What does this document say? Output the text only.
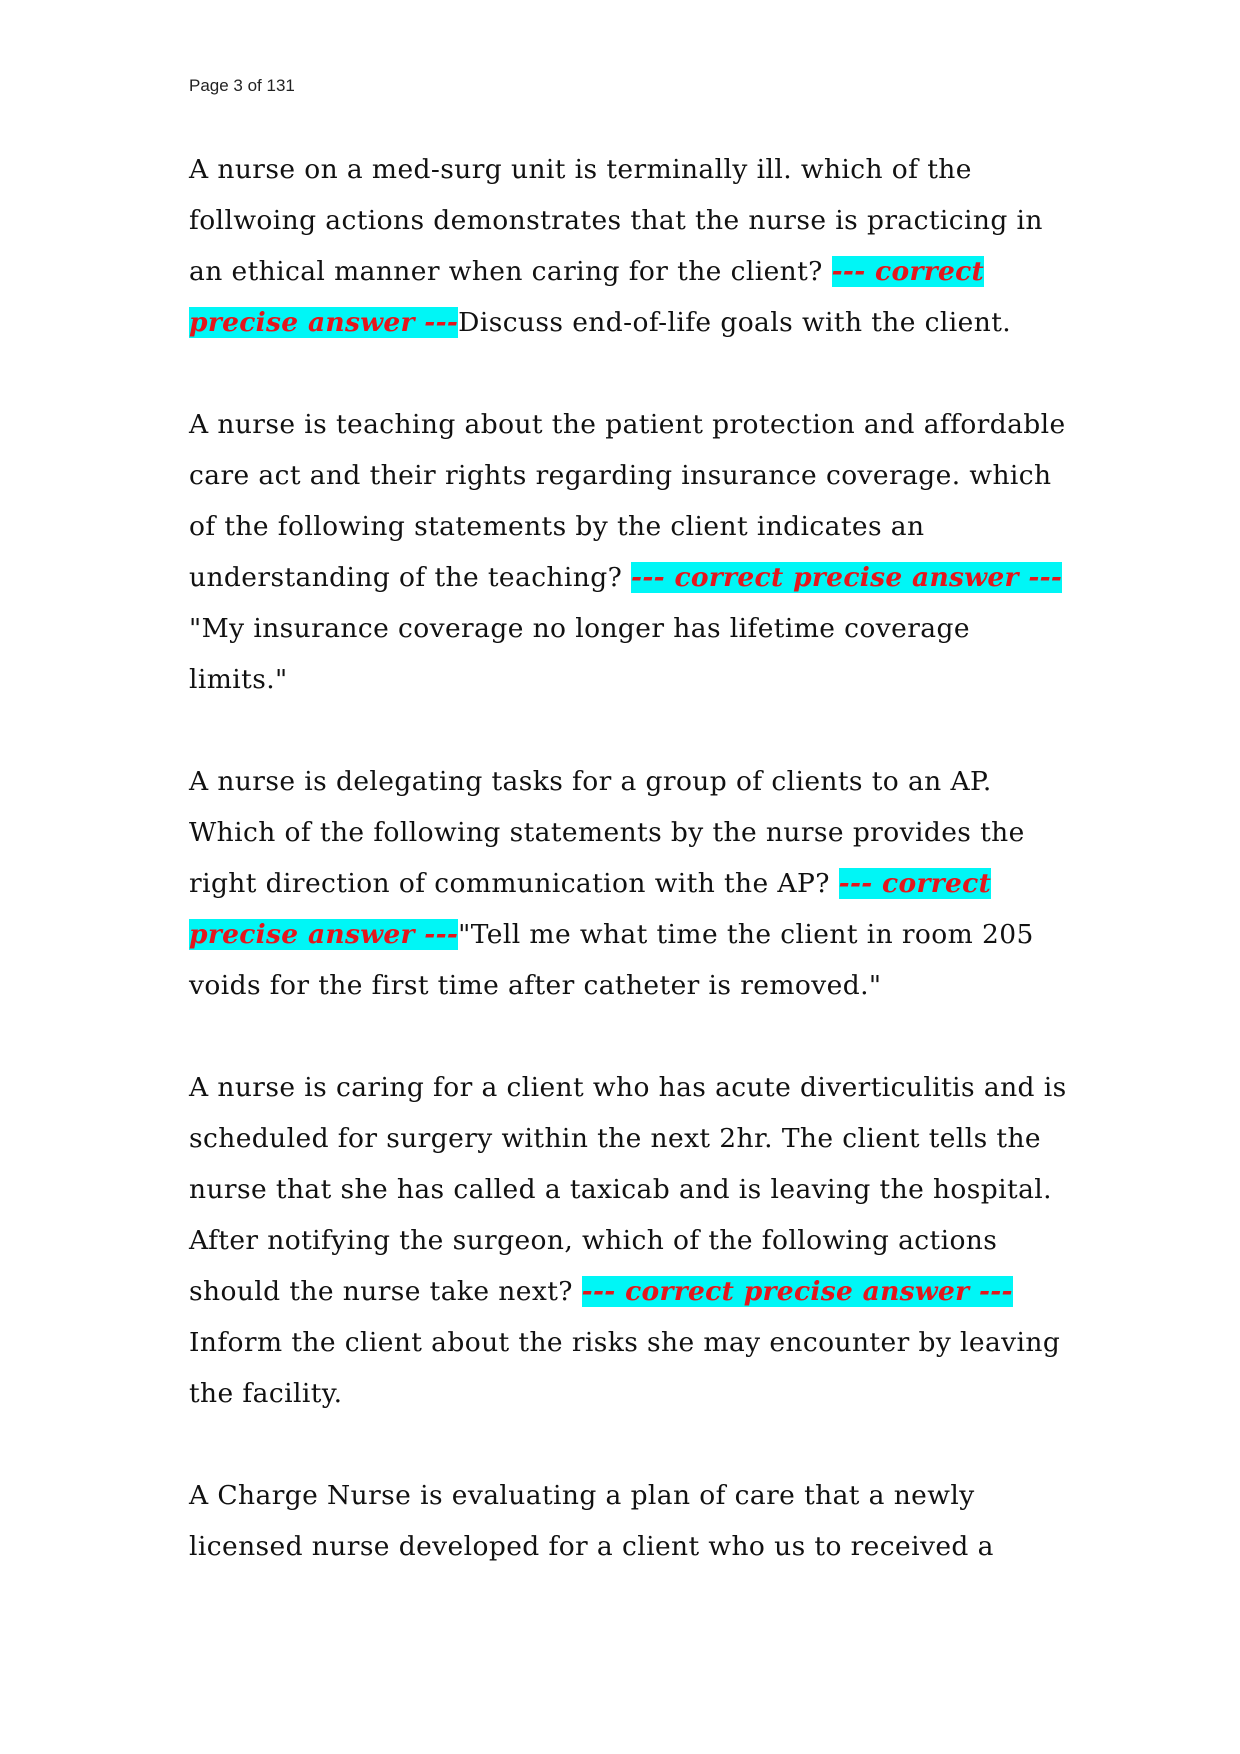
Page 3 of 131

A nurse on a med-surg unit is terminally ill. which of the follwoing actions demonstrates that the nurse is practicing in an ethical manner when caring for the client? --- correct precise answer ---Discuss end-of-life goals with the client.

A nurse is teaching about the patient protection and affordable care act and their rights regarding insurance coverage. which of the following statements by the client indicates an understanding of the teaching? --- correct precise answer ---"My insurance coverage no longer has lifetime coverage limits."

A nurse is delegating tasks for a group of clients to an AP. Which of the following statements by the nurse provides the right direction of communication with the AP? --- correct precise answer ---"Tell me what time the client in room 205 voids for the first time after catheter is removed."

A nurse is caring for a client who has acute diverticulitis and is scheduled for surgery within the next 2hr. The client tells the nurse that she has called a taxicab and is leaving the hospital. After notifying the surgeon, which of the following actions should the nurse take next? --- correct precise answer ---Inform the client about the risks she may encounter by leaving the facility.

A Charge Nurse is evaluating a plan of care that a newly licensed nurse developed for a client who us to received a
